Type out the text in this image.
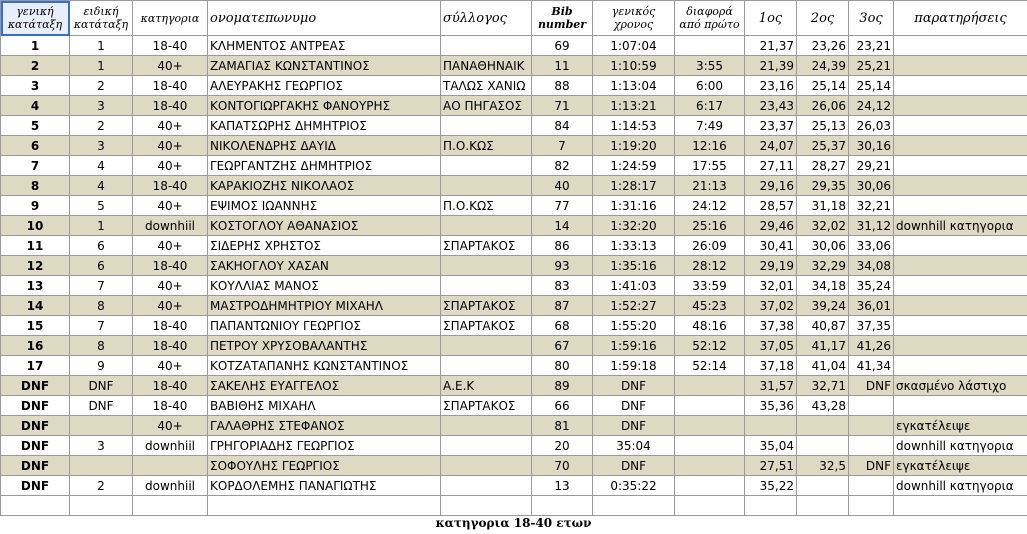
γενική κατάταξη	ειδική κατάταξη	κατηγορια	ονοματεπωνυμο	σύλλογος	Bib number	γενικός χρονος	διαφορά από πρώτο	1ος	2ος	3ος	παρατηρήσεις
1	1	18-40	ΚΛΗΜΕΝΤΟΣ ΑΝΤΡΕΑΣ		69	1:07:04		21,37	23,26	23,21	
2	1	40+	ΖΑΜΑΓΙΑΣ ΚΩΝΣΤΑΝΤΙΝΟΣ	ΠΑΝΑΘΗΝΑΙΚ	11	1:10:59	3:55	21,39	24,39	25,21	
3	2	18-40	ΑΛΕΥΡΑΚΗΣ ΓΕΩΡΓΙΟΣ	ΤΑΛΩΣ ΧΑΝΙΩ	88	1:13:04	6:00	23,16	25,14	25,14	
4	3	18-40	ΚΟΝΤΟΓΙΩΡΓΑΚΗΣ ΦΑΝΟΥΡΗΣ	ΑΟ ΠΗΓΑΣΟΣ	71	1:13:21	6:17	23,43	26,06	24,12	
5	2	40+	ΚΑΠΑΤΣΩΡΗΣ ΔΗΜΗΤΡΙΟΣ		84	1:14:53	7:49	23,37	25,13	26,03	
6	3	40+	ΝΙΚΟΛΕΝΔΡΗΣ ΔΑΥΙΔ	Π.Ο.ΚΩΣ	7	1:19:20	12:16	24,07	25,37	30,16	
7	4	40+	ΓΕΩΡΓΑΝΤΖΗΣ ΔΗΜΗΤΡΙΟΣ		82	1:24:59	17:55	27,11	28,27	29,21	
8	4	18-40	ΚΑΡΑΚΙΟΖΗΣ ΝΙΚΟΛΑΟΣ		40	1:28:17	21:13	29,16	29,35	30,06	
9	5	40+	ΕΨΙΜΟΣ ΙΩΑΝΝΗΣ	Π.Ο.ΚΩΣ	77	1:31:16	24:12	28,57	31,18	32,21	
10	1	downhiil	ΚΟΣΤΟΓΛΟΥ ΑΘΑΝΑΣΙΟΣ		14	1:32:20	25:16	29,46	32,02	31,12	downhill κατηγορια
11	6	40+	ΣΙΔΕΡΗΣ ΧΡΗΣΤΟΣ	ΣΠΑΡΤΑΚΟΣ	86	1:33:13	26:09	30,41	30,06	33,06	
12	6	18-40	ΣΑΚΗΟΓΛΟΥ ΧΑΣΑΝ		93	1:35:16	28:12	29,19	32,29	34,08	
13	7	40+	ΚΟΥΛΛΙΑΣ ΜΑΝΟΣ		83	1:41:03	33:59	32,01	34,18	35,24	
14	8	40+	ΜΑΣΤΡΟΔΗΜΗΤΡΙΟΥ ΜΙΧΑΗΛ	ΣΠΑΡΤΑΚΟΣ	87	1:52:27	45:23	37,02	39,24	36,01	
15	7	18-40	ΠΑΠΑΝΤΩΝΙΟΥ ΓΕΩΡΓΙΟΣ	ΣΠΑΡΤΑΚΟΣ	68	1:55:20	48:16	37,38	40,87	37,35	
16	8	18-40	ΠΕΤΡΟΥ ΧΡΥΣΟΒΑΛΑΝΤΗΣ		67	1:59:16	52:12	37,05	41,17	41,26	
17	9	40+	ΚΟΤΖΑΤΑΠΑΝΗΣ ΚΩΝΣΤΑΝΤΙΝΟΣ		80	1:59:18	52:14	37,18	41,04	41,34	
DNF	DNF	18-40	ΣΑΚΕΛΗΣ ΕΥΑΓΓΕΛΟΣ	Α.Ε.Κ	89	DNF		31,57	32,71	DNF	σκασμένο λάστιχο
DNF	DNF	18-40	ΒΑΒΙΘΗΣ ΜΙΧΑΗΛ	ΣΠΑΡΤΑΚΟΣ	66	DNF		35,36	43,28		
DNF		40+	ΓΑΛΑΘΡΗΣ ΣΤΕΦΑΝΟΣ		81	DNF					εγκατέλειψε
DNF	3	downhiil	ΓΡΗΓΟΡΙΑΔΗΣ ΓΕΩΡΓΙΟΣ		20	35:04		35,04			downhill κατηγορια
DNF			ΣΟΦΟΥΛΗΣ ΓΕΩΡΓΙΟΣ		70	DNF		27,51	32,5	DNF	εγκατέλειψε
DNF	2	downhiil	ΚΟΡΔΟΛΕΜΗΣ ΠΑΝΑΓΙΩΤΗΣ		13	0:35:22		35,22			downhill κατηγορια

κατηγορια 18-40 ετων
